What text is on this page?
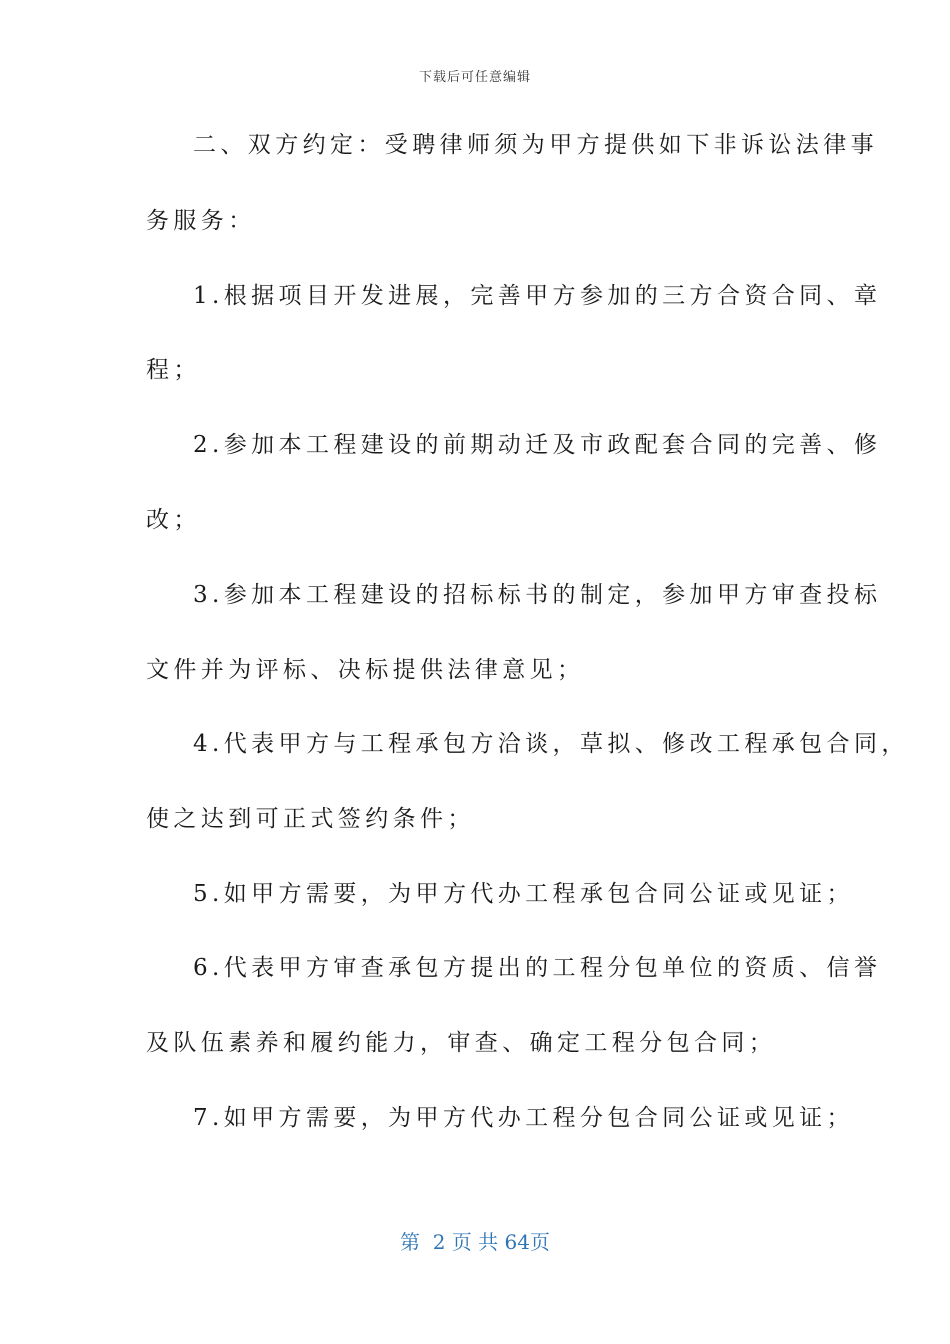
下载后可任意编辑
二、双方约定：受聘律师须为甲方提供如下非诉讼法律事
务服务：
1.根据项目开发进展，完善甲方参加的三方合资合同、章
程；
2.参加本工程建设的前期动迁及市政配套合同的完善、修
改；
3.参加本工程建设的招标标书的制定，参加甲方审查投标
文件并为评标、决标提供法律意见；
4.代表甲方与工程承包方洽谈，草拟、修改工程承包合同，
使之达到可正式签约条件；
5.如甲方需要，为甲方代办工程承包合同公证或见证；
6.代表甲方审查承包方提出的工程分包单位的资质、信誉
及队伍素养和履约能力，审查、确定工程分包合同；
7.如甲方需要，为甲方代办工程分包合同公证或见证；
第 2 页 共 64页
